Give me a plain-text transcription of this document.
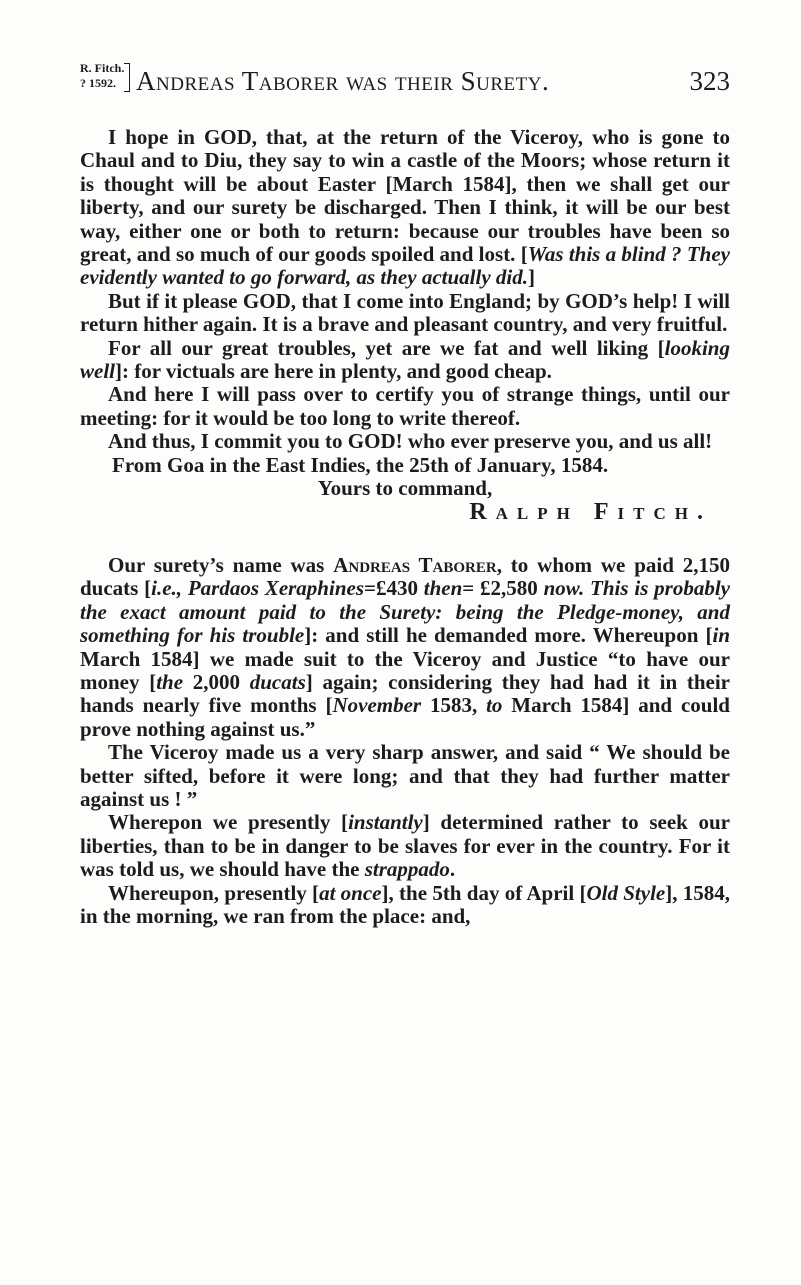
R. Fitch.
? 1592. Andreas Taborer was their Surety.	323

I hope in GOD, that, at the return of the Viceroy, who is gone to Chaul and to Diu, they say to win a castle of the Moors; whose return it is thought will be about Easter [March 1584], then we shall get our liberty, and our surety be discharged. Then I think, it will be our best way, either one or both to return: because our troubles have been so great, and so much of our goods spoiled and lost. [Was this a blind ? They evidently wanted to go forward, as they actually did.]

But if it please GOD, that I come into England; by GOD’s help! I will return hither again. It is a brave and pleasant country, and very fruitful.

For all our great troubles, yet are we fat and well liking [looking well]: for victuals are here in plenty, and good cheap.

And here I will pass over to certify you of strange things, until our meeting: for it would be too long to write thereof.

And thus, I commit you to GOD! who ever preserve you, and us all!

From Goa in the East Indies, the 25th of January, 1584.

Yours to command,

Ralph Fitch.

Our surety’s name was Andreas Taborer, to whom we paid 2,150 ducats [i.e., Pardaos Xeraphines=£430 then= £2,580 now. This is probably the exact amount paid to the Surety: being the Pledge-money, and something for his trouble]: and still he demanded more. Whereupon [in March 1584] we made suit to the Viceroy and Justice “to have our money [the 2,000 ducats] again; considering they had had it in their hands nearly five months [November 1583, to March 1584] and could prove nothing against us.”

The Viceroy made us a very sharp answer, and said “ We should be better sifted, before it were long; and that they had further matter against us ! ”

Wherepon we presently [instantly] determined rather to seek our liberties, than to be in danger to be slaves for ever in the country. For it was told us, we should have the strappado.

Whereupon, presently [at once], the 5th day of April [Old Style], 1584, in the morning, we ran from the place: and,
